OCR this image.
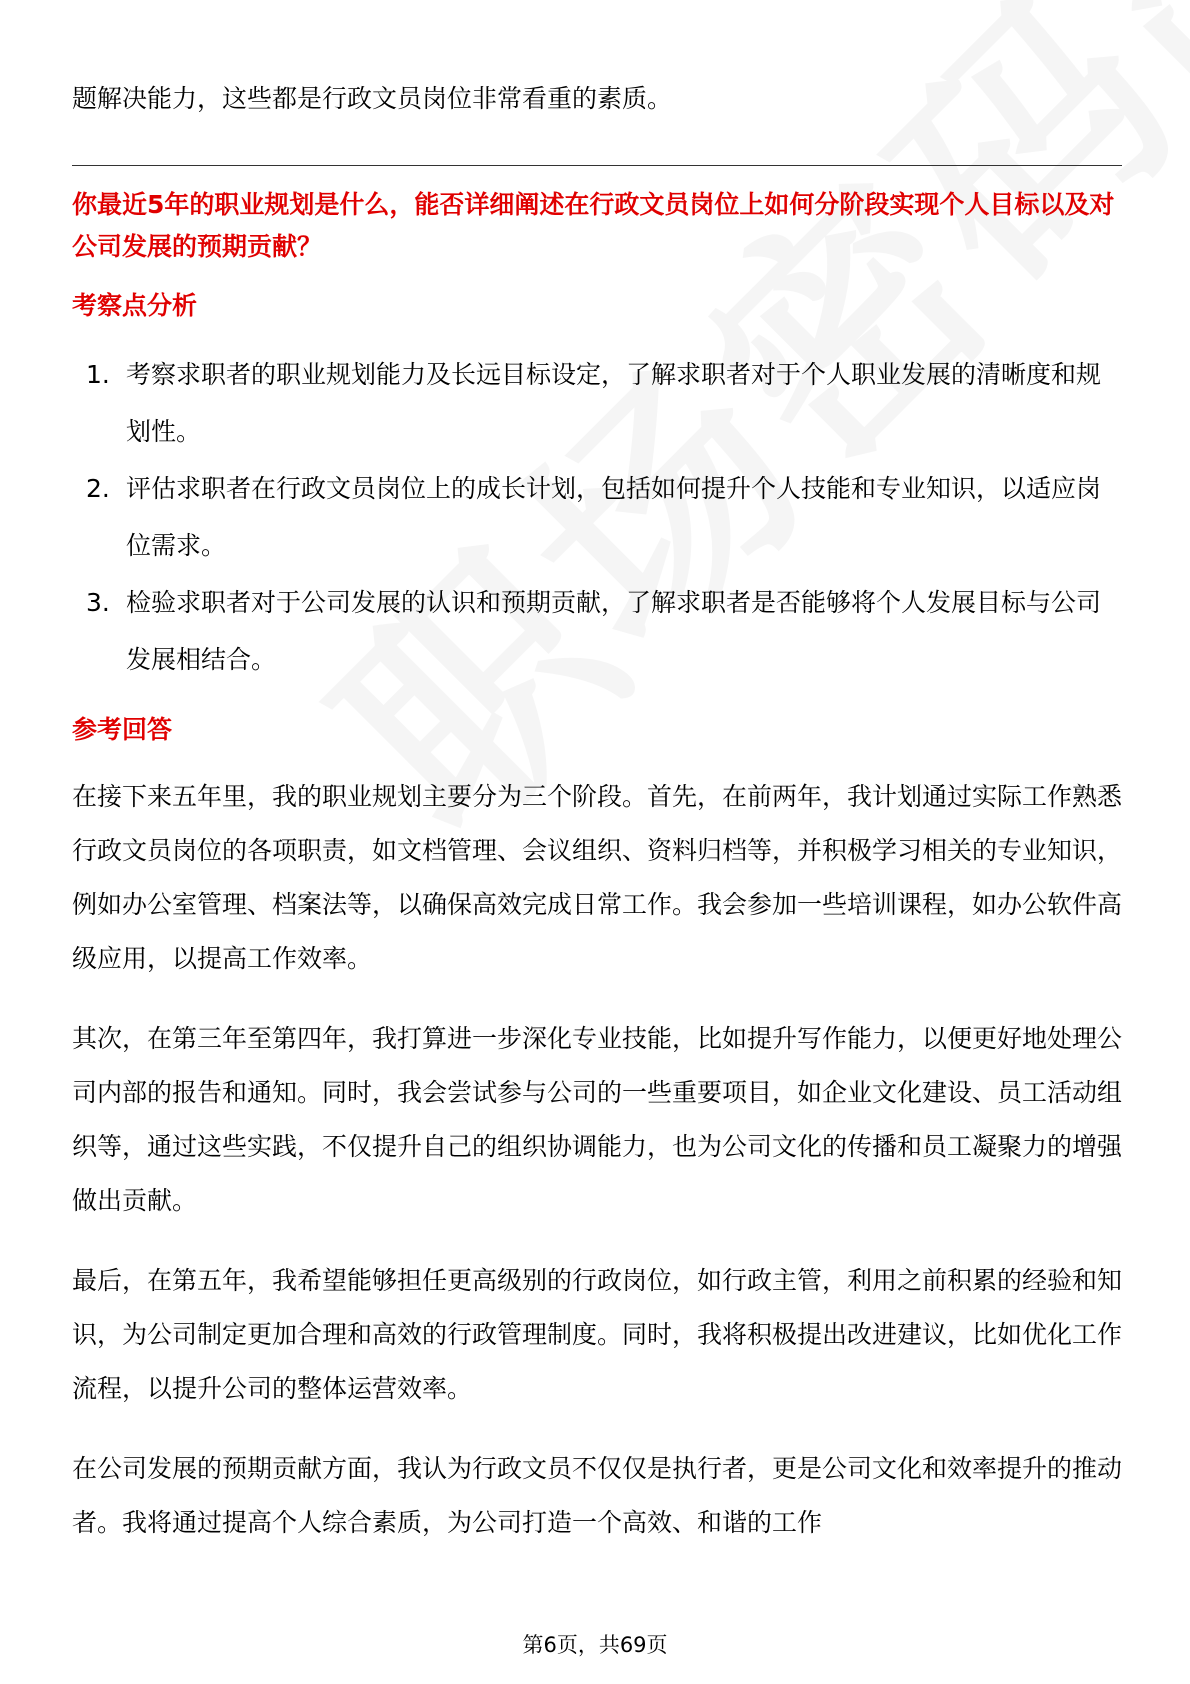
题解决能力，这些都是行政文员岗位非常看重的素质。

你最近5年的职业规划是什么，能否详细阐述在行政文员岗位上如何分阶段实现个人目标以及对公司发展的预期贡献？

考察点分析
1. 考察求职者的职业规划能力及长远目标设定，了解求职者对于个人职业发展的清晰度和规划性。
2. 评估求职者在行政文员岗位上的成长计划，包括如何提升个人技能和专业知识，以适应岗位需求。
3. 检验求职者对于公司发展的认识和预期贡献，了解求职者是否能够将个人发展目标与公司发展相结合。
参考回答

在接下来五年里，我的职业规划主要分为三个阶段。首先，在前两年，我计划通过实际工作熟悉行政文员岗位的各项职责，如文档管理、会议组织、资料归档等，并积极学习相关的专业知识，例如办公室管理、档案法等，以确保高效完成日常工作。我会参加一些培训课程，如办公软件高级应用，以提高工作效率。

其次，在第三年至第四年，我打算进一步深化专业技能，比如提升写作能力，以便更好地处理公司内部的报告和通知。同时，我会尝试参与公司的一些重要项目，如企业文化建设、员工活动组织等，通过这些实践，不仅提升自己的组织协调能力，也为公司文化的传播和员工凝聚力的增强做出贡献。

最后，在第五年，我希望能够担任更高级别的行政岗位，如行政主管，利用之前积累的经验和知识，为公司制定更加合理和高效的行政管理制度。同时，我将积极提出改进建议，比如优化工作流程，以提升公司的整体运营效率。

在公司发展的预期贡献方面，我认为行政文员不仅仅是执行者，更是公司文化和效率提升的推动者。我将通过提高个人综合素质，为公司打造一个高效、和谐的工作

第6页，共69页
